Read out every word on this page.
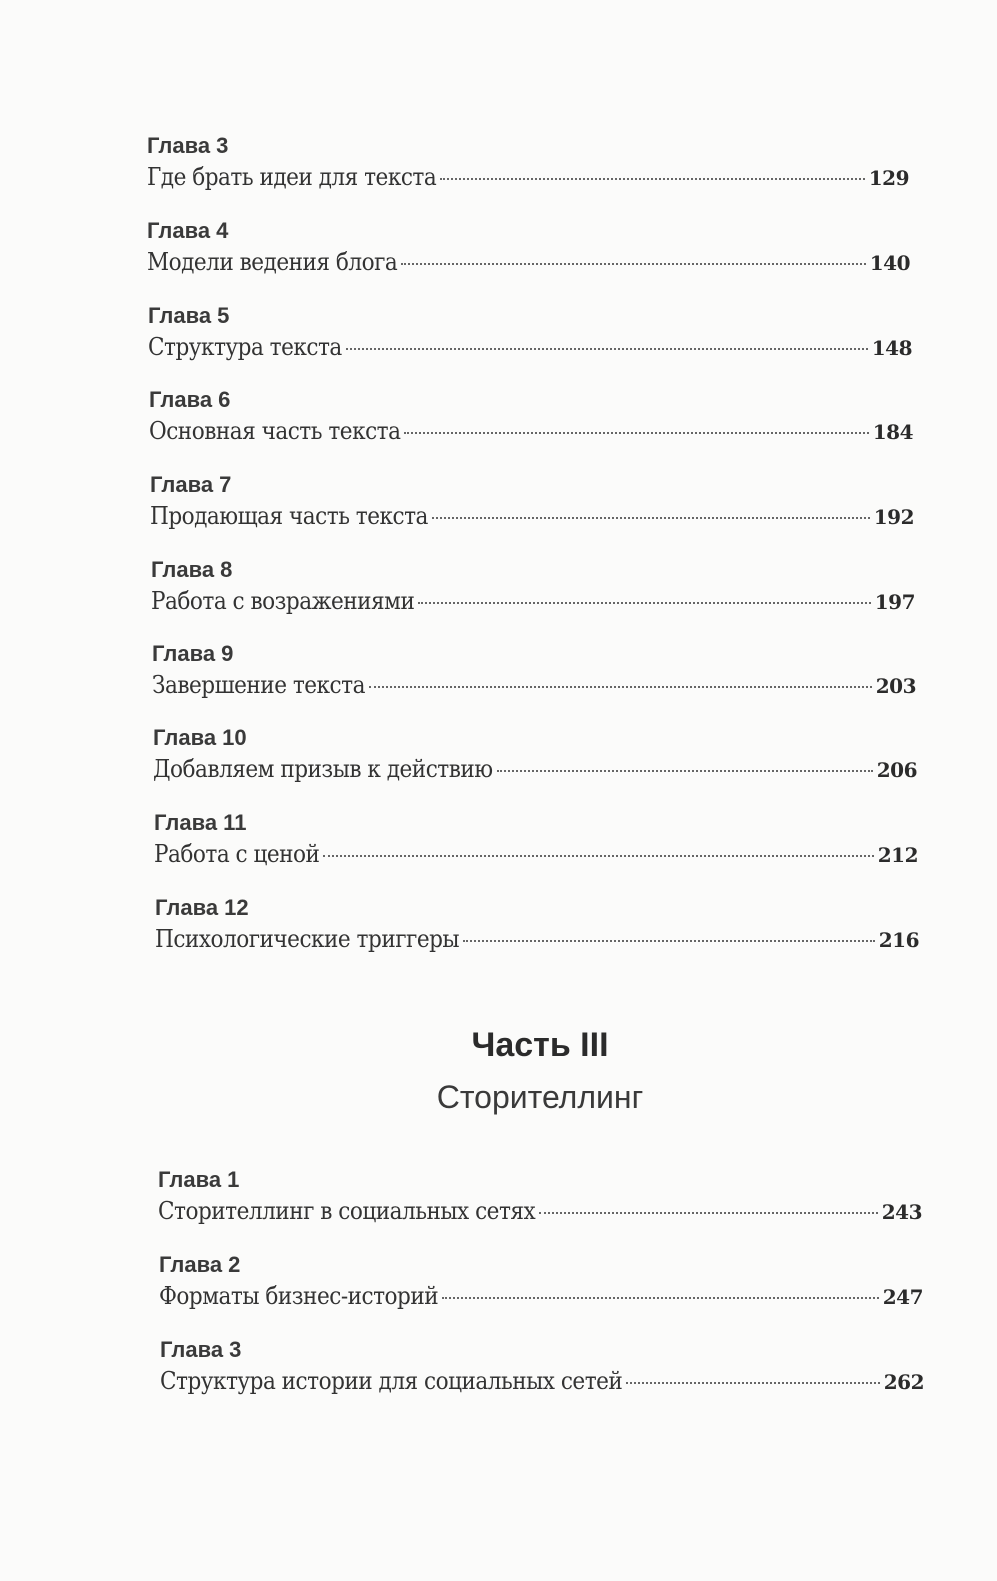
Глава 3
Где брать идеи для текста	129
Глава 4
Модели ведения блога	140
Глава 5
Структура текста	148
Глава 6
Основная часть текста	184
Глава 7
Продающая часть текста	192
Глава 8
Работа с возражениями	197
Глава 9
Завершение текста	203
Глава 10
Добавляем призыв к действию	206
Глава 11
Работа с ценой	212
Глава 12
Психологические триггеры	216
Часть III
Сторителлинг
Глава 1
Сторителлинг в социальных сетях	243
Глава 2
Форматы бизнес-историй	247
Глава 3
Структура истории для социальных сетей	262
